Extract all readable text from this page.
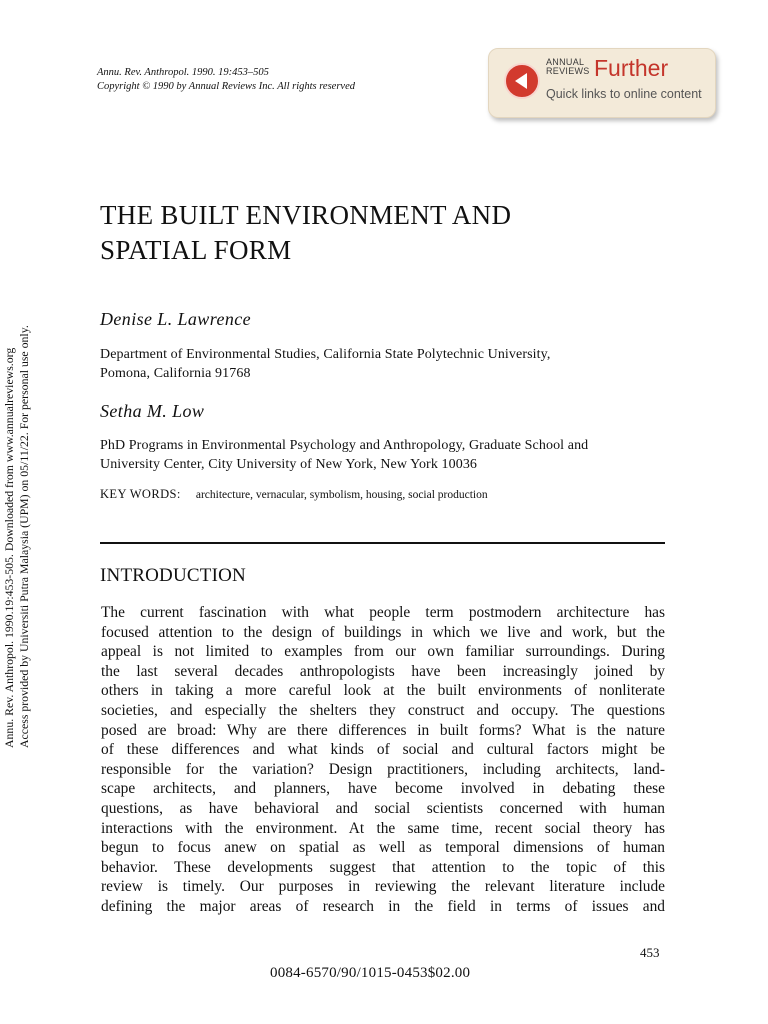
Annu. Rev. Anthropol. 1990. 19:453–505
Copyright © 1990 by Annual Reviews Inc. All rights reserved
ANNUAL
REVIEWS Further
Quick links to online content
Annu. Rev. Anthropol. 1990.19:453-505. Downloaded from www.annualreviews.org Access provided by Universiti Putra Malaysia (UPM) on 05/11/22. For personal use only.
THE BUILT ENVIRONMENT AND
SPATIAL FORM
Denise L. Lawrence
Department of Environmental Studies, California State Polytechnic University,
Pomona, California 91768
Setha M. Low
PhD Programs in Environmental Psychology and Anthropology, Graduate School and
University Center, City University of New York, New York 10036
KEY WORDS: architecture, vernacular, symbolism, housing, social production
INTRODUCTION
The current fascination with what people term postmodern architecture has
focused attention to the design of buildings in which we live and work, but the
appeal is not limited to examples from our own familiar surroundings. During
the last several decades anthropologists have been increasingly joined by
others in taking a more careful look at the built environments of nonliterate
societies, and especially the shelters they construct and occupy. The questions
posed are broad: Why are there differences in built forms? What is the nature
of these differences and what kinds of social and cultural factors might be
responsible for the variation? Design practitioners, including architects, land-
scape architects, and planners, have become involved in debating these
questions, as have behavioral and social scientists concerned with human
interactions with the environment. At the same time, recent social theory has
begun to focus anew on spatial as well as temporal dimensions of human
behavior. These developments suggest that attention to the topic of this
review is timely. Our purposes in reviewing the relevant literature include
defining the major areas of research in the field in terms of issues and
453
0084-6570/90/1015-0453$02.00
